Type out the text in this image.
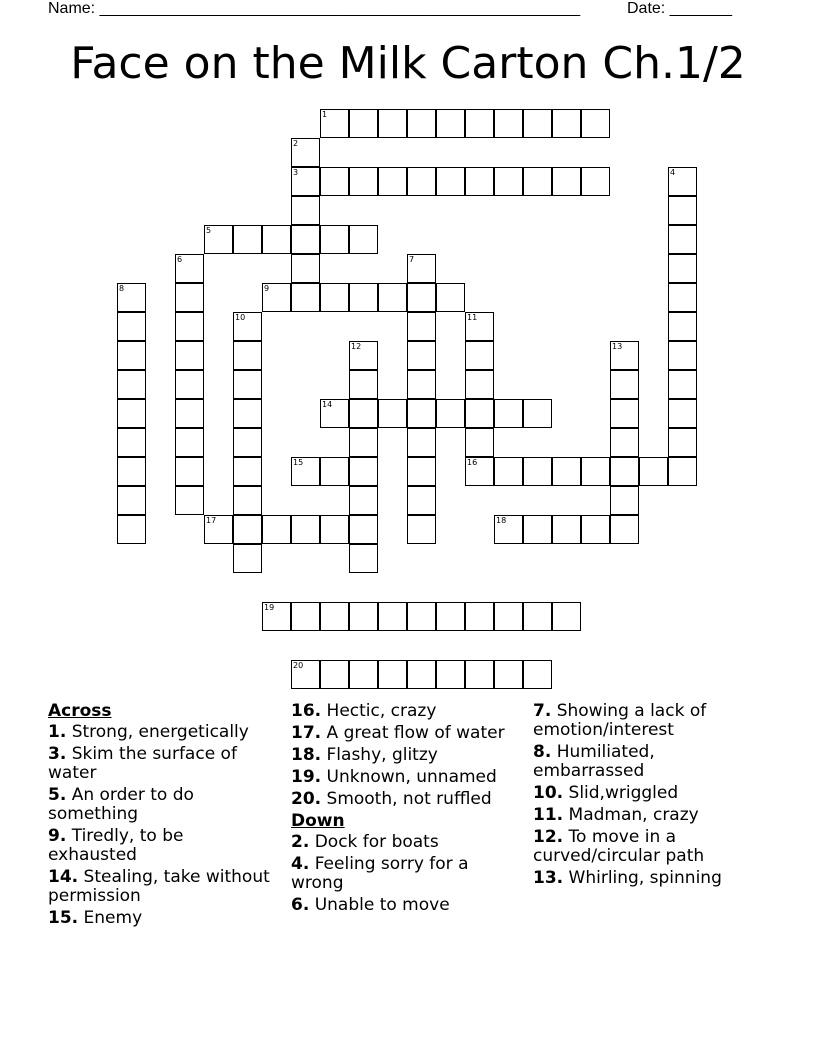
Name: ______________________________________________________	Date: _______
Face on the Milk Carton Ch.1/2
1
2
3	4
5
6	7
8	9
10	11
16
12	13
14
15
17	18
19
20
Across
1. Strong, energetically
3. Skim the surface of water
5. An order to do something
9. Tiredly, to be exhausted
14. Stealing, take without permission
15. Enemy
16. Hectic, crazy
17. A great flow of water
18. Flashy, glitzy
19. Unknown, unnamed
20. Smooth, not ruffled
Down
2. Dock for boats
4. Feeling sorry for a wrong
6. Unable to move
7. Showing a lack of emotion/interest
8. Humiliated, embarrassed
10. Slid,wriggled
11. Madman, crazy
12. To move in a curved/circular path
13. Whirling, spinning
